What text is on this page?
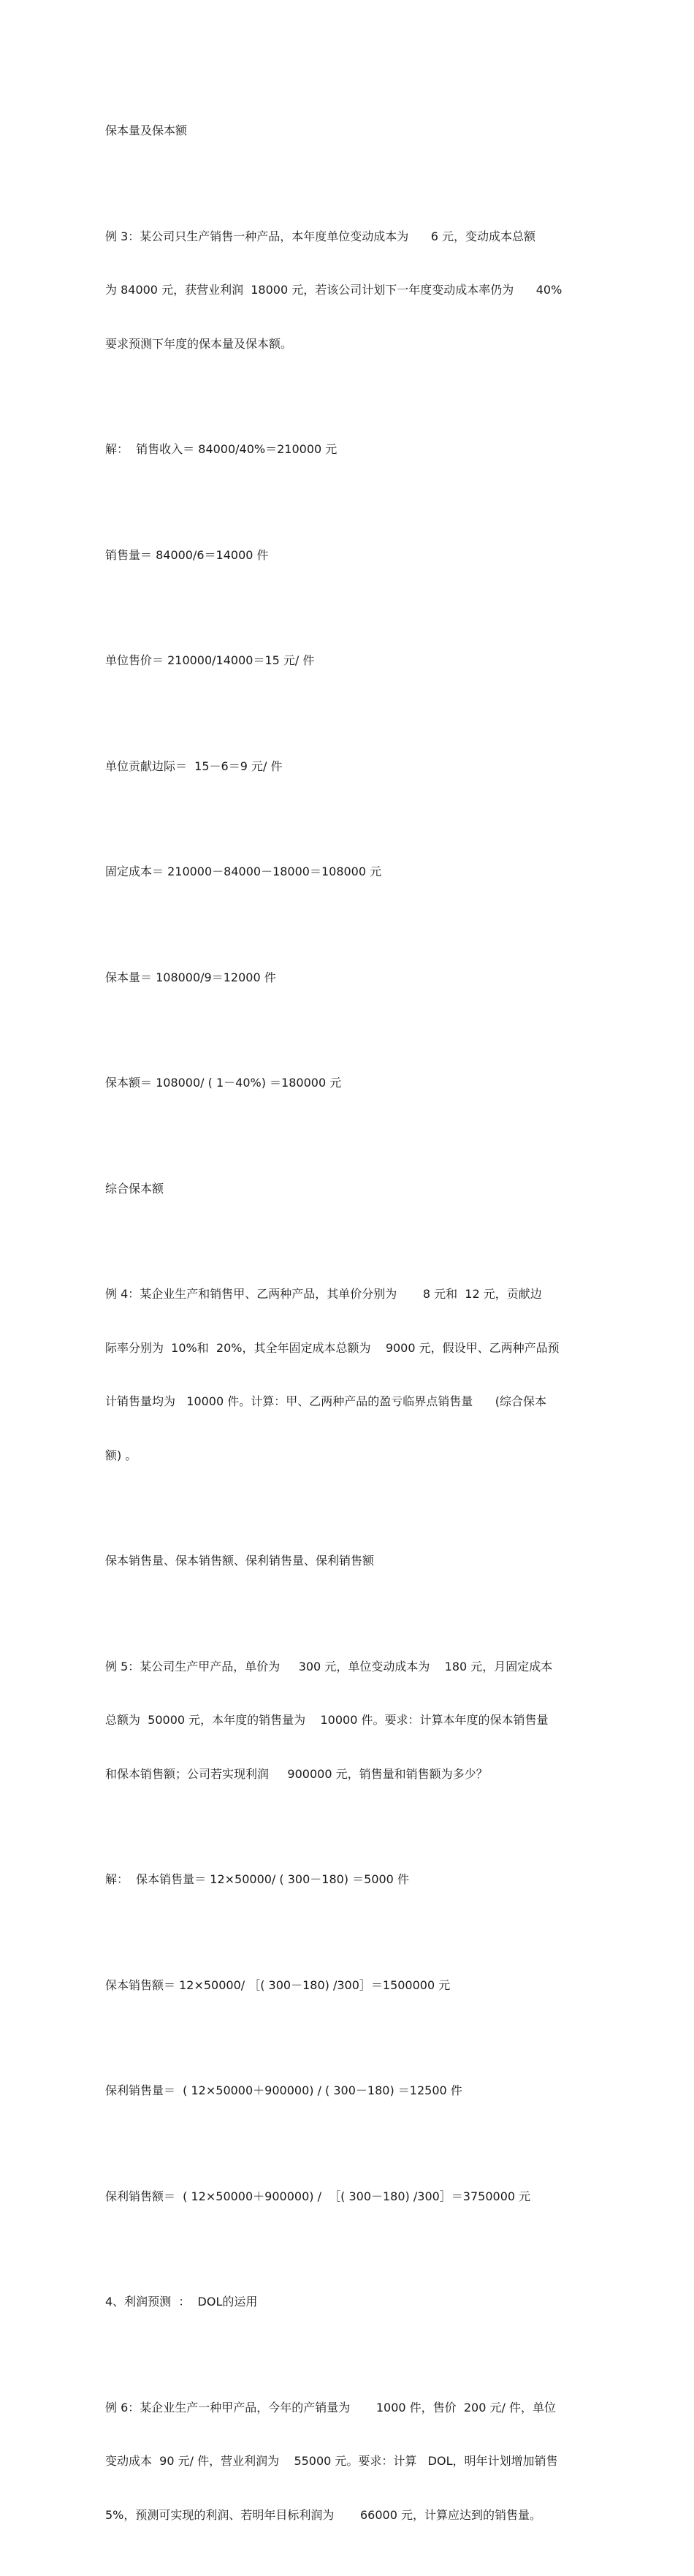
保本量及保本额

例 3：某公司只生产销售一种产品，本年度单位变动成本为      6 元，变动成本总额

为 84000 元，获营业利润  18000 元，若该公司计划下一年度变动成本率仍为      40%

要求预测下年度的保本量及保本额。

解：  销售收入＝ 84000/40%＝210000 元

销售量＝ 84000/6＝14000 件

单位售价＝ 210000/14000＝15 元/ 件

单位贡献边际＝  15－6＝9 元/ 件

固定成本＝ 210000－84000－18000＝108000 元

保本量＝ 108000/9＝12000 件

保本额＝ 108000/ ( 1－40%) ＝180000 元

综合保本额

例 4：某企业生产和销售甲、乙两种产品，其单价分别为       8 元和  12 元，贡献边

际率分别为  10%和  20%，其全年固定成本总额为    9000 元，假设甲、乙两种产品预

计销售量均为   10000 件。计算：甲、乙两种产品的盈亏临界点销售量      (综合保本

额) 。

保本销售量、保本销售额、保利销售量、保利销售额

例 5：某公司生产甲产品，单价为     300 元，单位变动成本为    180 元，月固定成本

总额为  50000 元，本年度的销售量为    10000 件。要求：计算本年度的保本销售量

和保本销售额；公司若实现利润     900000 元，销售量和销售额为多少？

解：  保本销售量＝ 12×50000/ ( 300－180) ＝5000 件

保本销售额＝ 12×50000/ ［( 300－180) /300］＝1500000 元

保利销售量＝  ( 12×50000＋900000) / ( 300－180) ＝12500 件

保利销售额＝  ( 12×50000＋900000) /  ［( 300－180) /300］＝3750000 元

4、利润预测  ：  DOL的运用

例 6：某企业生产一种甲产品，今年的产销量为       1000 件，售价  200 元/ 件，单位

变动成本  90 元/ 件，营业利润为    55000 元。要求：计算   DOL，明年计划增加销售

5%，预测可实现的利润、若明年目标利润为       66000 元，计算应达到的销售量。
